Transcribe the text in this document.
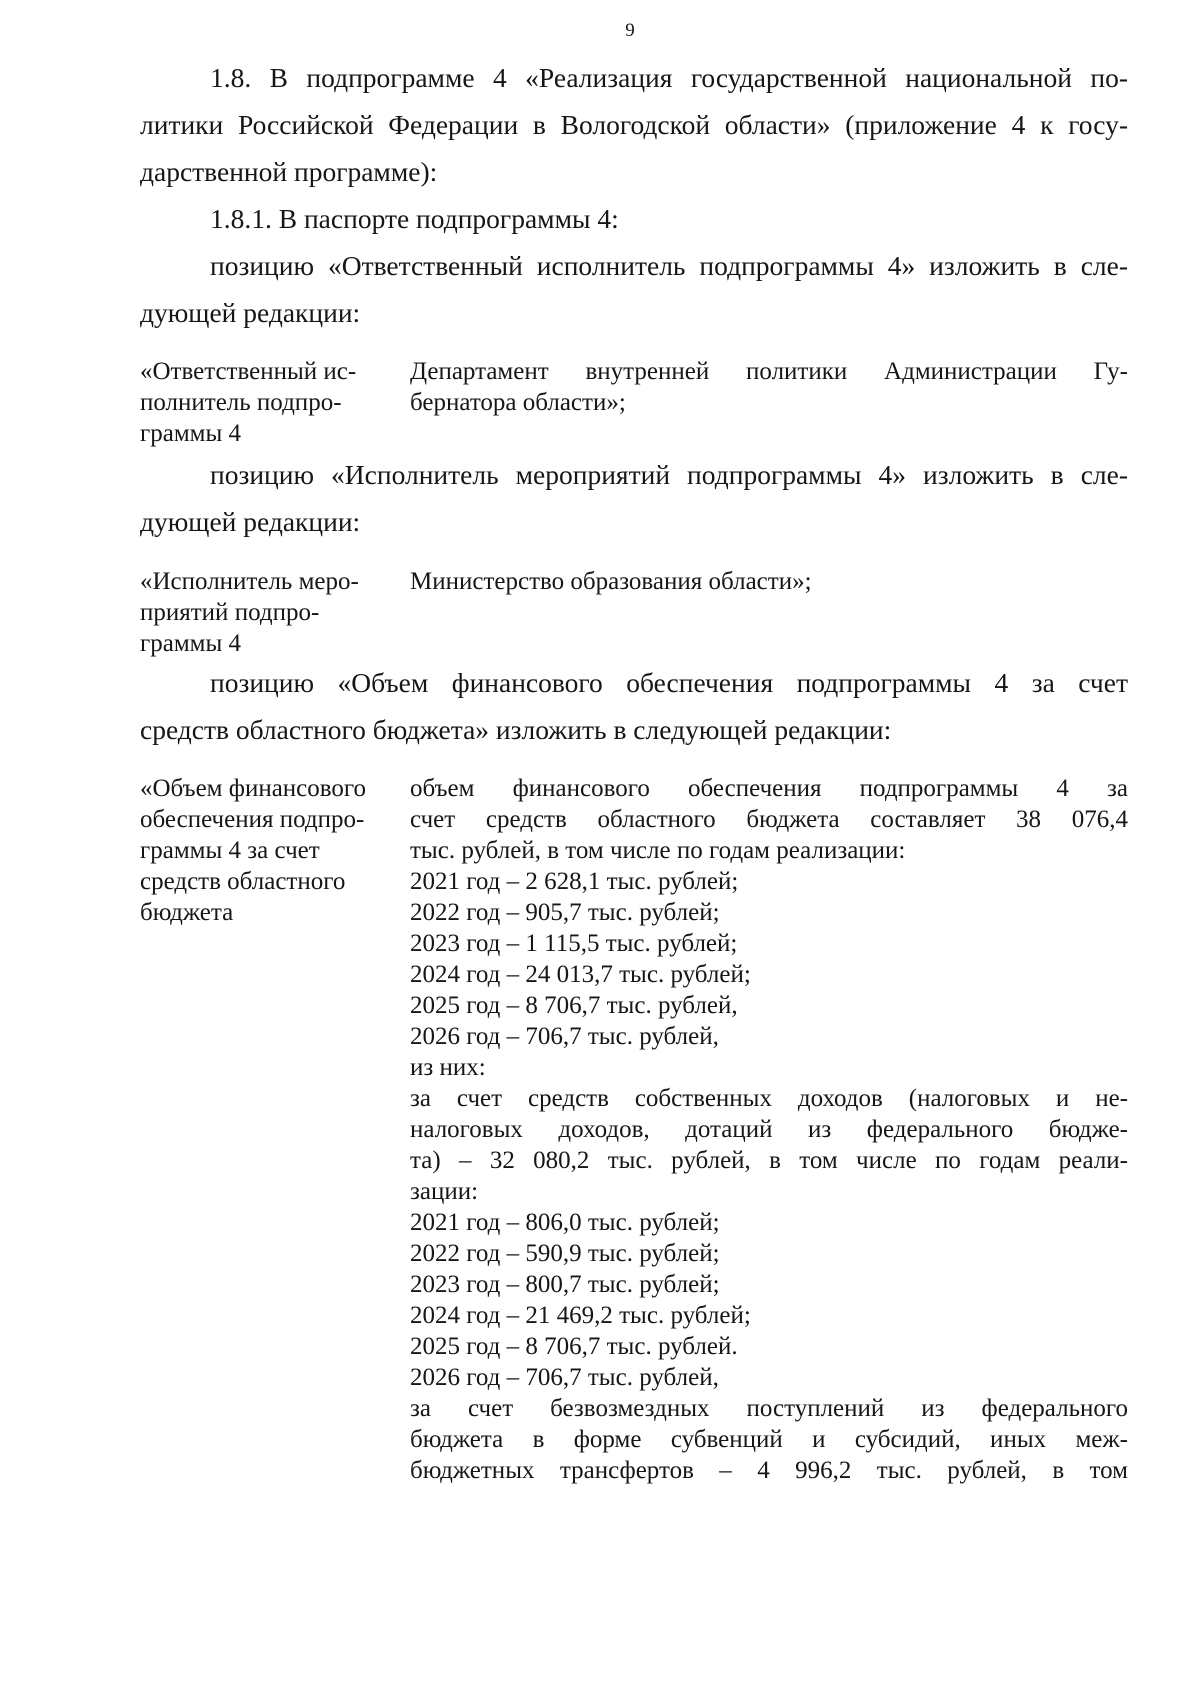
9
1.8. В подпрограмме 4 «Реализация государственной национальной по-
литики Российской Федерации в Вологодской области» (приложение 4 к госу-
дарственной программе):
1.8.1. В паспорте подпрограммы 4:
позицию «Ответственный исполнитель подпрограммы 4» изложить в сле-
дующей редакции:
«Ответственный ис-
полнитель подпро-
граммы 4
Департамент внутренней политики Администрации Гу-
бернатора области»;
позицию «Исполнитель мероприятий подпрограммы 4» изложить в сле-
дующей редакции:
«Исполнитель меро-
приятий подпро-
граммы 4
Министерство образования области»;
позицию «Объем финансового обеспечения подпрограммы 4 за счет
средств областного бюджета» изложить в следующей редакции:
«Объем финансового
обеспечения подпро-
граммы 4 за счет
средств областного
бюджета
объем финансового обеспечения подпрограммы 4 за
счет средств областного бюджета составляет 38 076,4
тыс. рублей, в том числе по годам реализации:
2021 год – 2 628,1 тыс. рублей;
2022 год – 905,7 тыс. рублей;
2023 год – 1 115,5 тыс. рублей;
2024 год – 24 013,7 тыс. рублей;
2025 год – 8 706,7 тыс. рублей,
2026 год – 706,7 тыс. рублей,
из них:
за счет средств собственных доходов (налоговых и не-
налоговых доходов, дотаций из федерального бюдже-
та) – 32 080,2 тыс. рублей, в том числе по годам реали-
зации:
2021 год – 806,0 тыс. рублей;
2022 год – 590,9 тыс. рублей;
2023 год – 800,7 тыс. рублей;
2024 год – 21 469,2 тыс. рублей;
2025 год – 8 706,7 тыс. рублей.
2026 год – 706,7 тыс. рублей,
за счет безвозмездных поступлений из федерального
бюджета в форме субвенций и субсидий, иных меж-
бюджетных трансфертов – 4 996,2 тыс. рублей, в том
